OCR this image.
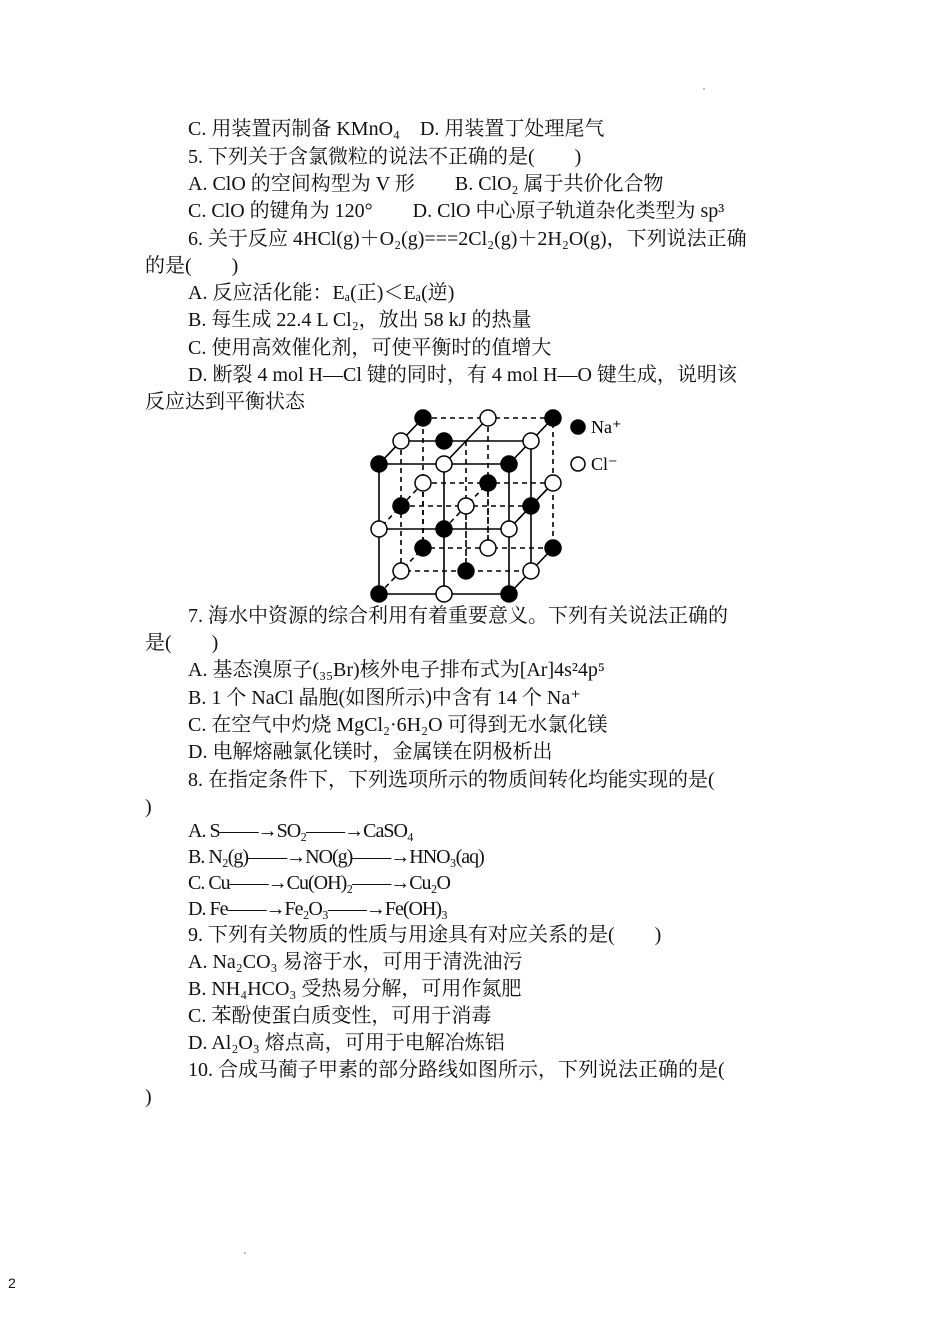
C. 用装置丙制备 KMnO₄　D. 用装置丁处理尾气
5. 下列关于含氯微粒的说法不正确的是(　　)
A. ClO 的空间构型为 V 形　　B. ClO₂ 属于共价化合物
C. ClO 的键角为 120°　　D. ClO 中心原子轨道杂化类型为 sp³
6. 关于反应 4HCl(g)＋O₂(g)===2Cl₂(g)＋2H₂O(g)，下列说法正确
的是(　　)
A. 反应活化能：Eₐ(正)＜Eₐ(逆)
B. 每生成 22.4 L Cl₂，放出 58 kJ 的热量
C. 使用高效催化剂，可使平衡时的值增大
D. 断裂 4 mol H—Cl 键的同时，有 4 mol H—O 键生成，说明该
反应达到平衡状态
Na⁺
Cl⁻
7. 海水中资源的综合利用有着重要意义。下列有关说法正确的
是(　　)
A. 基态溴原子(₃₅Br)核外电子排布式为[Ar]4s²4p⁵
B. 1 个 NaCl 晶胞(如图所示)中含有 14 个 Na⁺
C. 在空气中灼烧 MgCl₂·6H₂O 可得到无水氯化镁
D. 电解熔融氯化镁时，金属镁在阴极析出
8. 在指定条件下，下列选项所示的物质间转化均能实现的是(
)
A. S——→SO₂——→CaSO₄
B. N₂(g)——→NO(g)——→HNO₃(aq)
C. Cu——→Cu(OH)₂——→Cu₂O
D. Fe——→Fe₂O₃——→Fe(OH)₃
9. 下列有关物质的性质与用途具有对应关系的是(　　)
A. Na₂CO₃ 易溶于水，可用于清洗油污
B. NH₄HCO₃ 受热易分解，可用作氮肥
C. 苯酚使蛋白质变性，可用于消毒
D. Al₂O₃ 熔点高，可用于电解冶炼铝
10. 合成马蔺子甲素的部分路线如图所示，下列说法正确的是(
)
2
